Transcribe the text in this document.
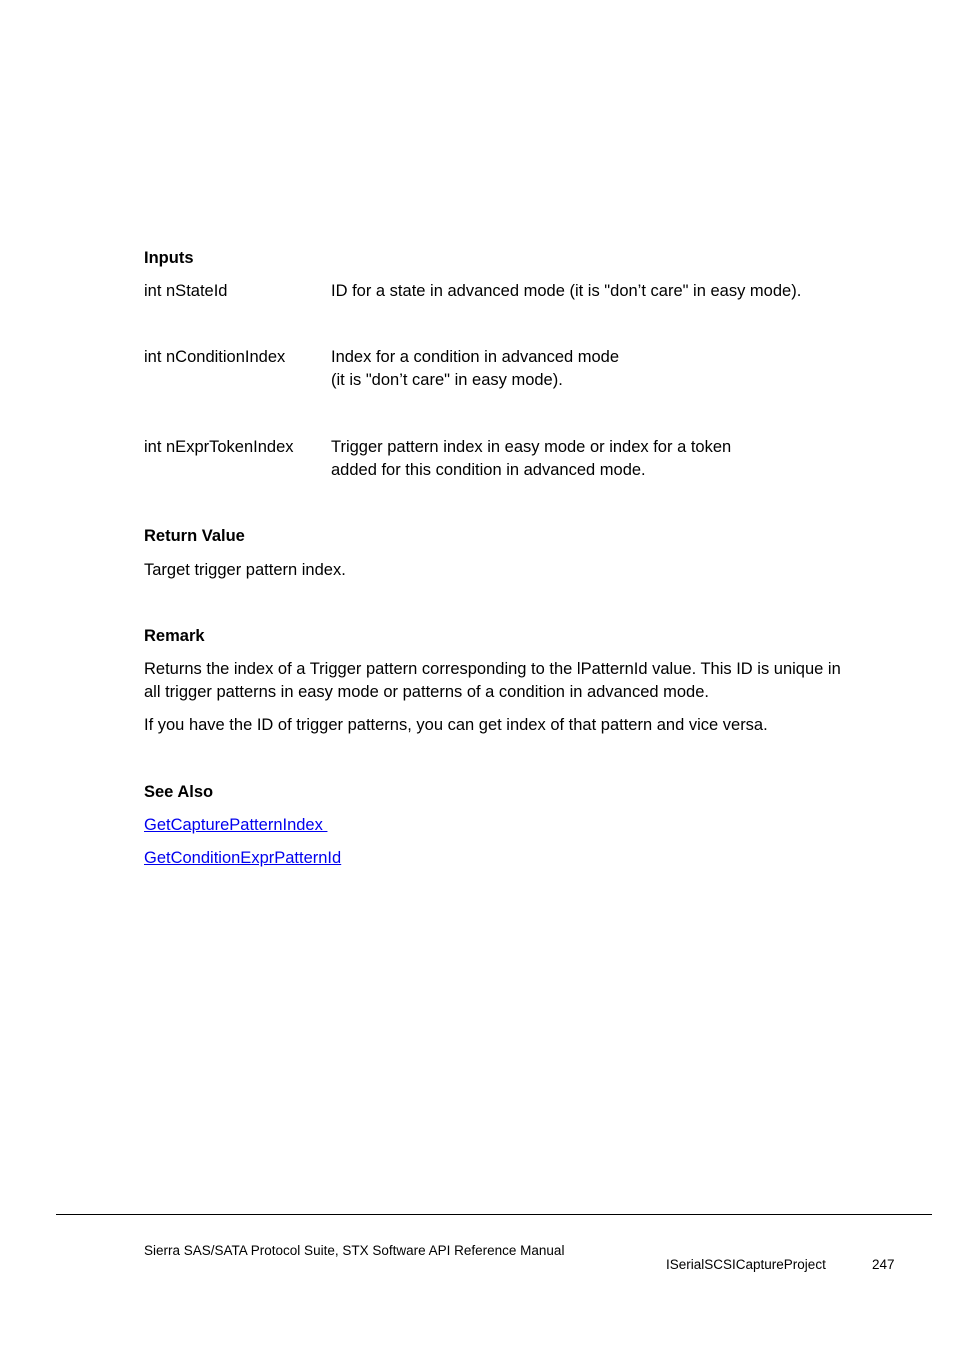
Inputs
int nStateId	ID for a state in advanced mode (it is "don’t care" in easy mode).
int nConditionIndex	Index for a condition in advanced mode
(it is "don’t care" in easy mode).
int nExprTokenIndex	Trigger pattern index in easy mode or index for a token
added for this condition in advanced mode.
Return Value
Target trigger pattern index.
Remark
Returns the index of a Trigger pattern corresponding to the lPatternId value. This ID is unique in
all trigger patterns in easy mode or patterns of a condition in advanced mode.
If you have the ID of trigger patterns, you can get index of that pattern and vice versa.
See Also
GetCapturePatternIndex
GetConditionExprPatternId
Sierra SAS/SATA Protocol Suite, STX Software API Reference Manual
ISerialSCSICaptureProject	247
